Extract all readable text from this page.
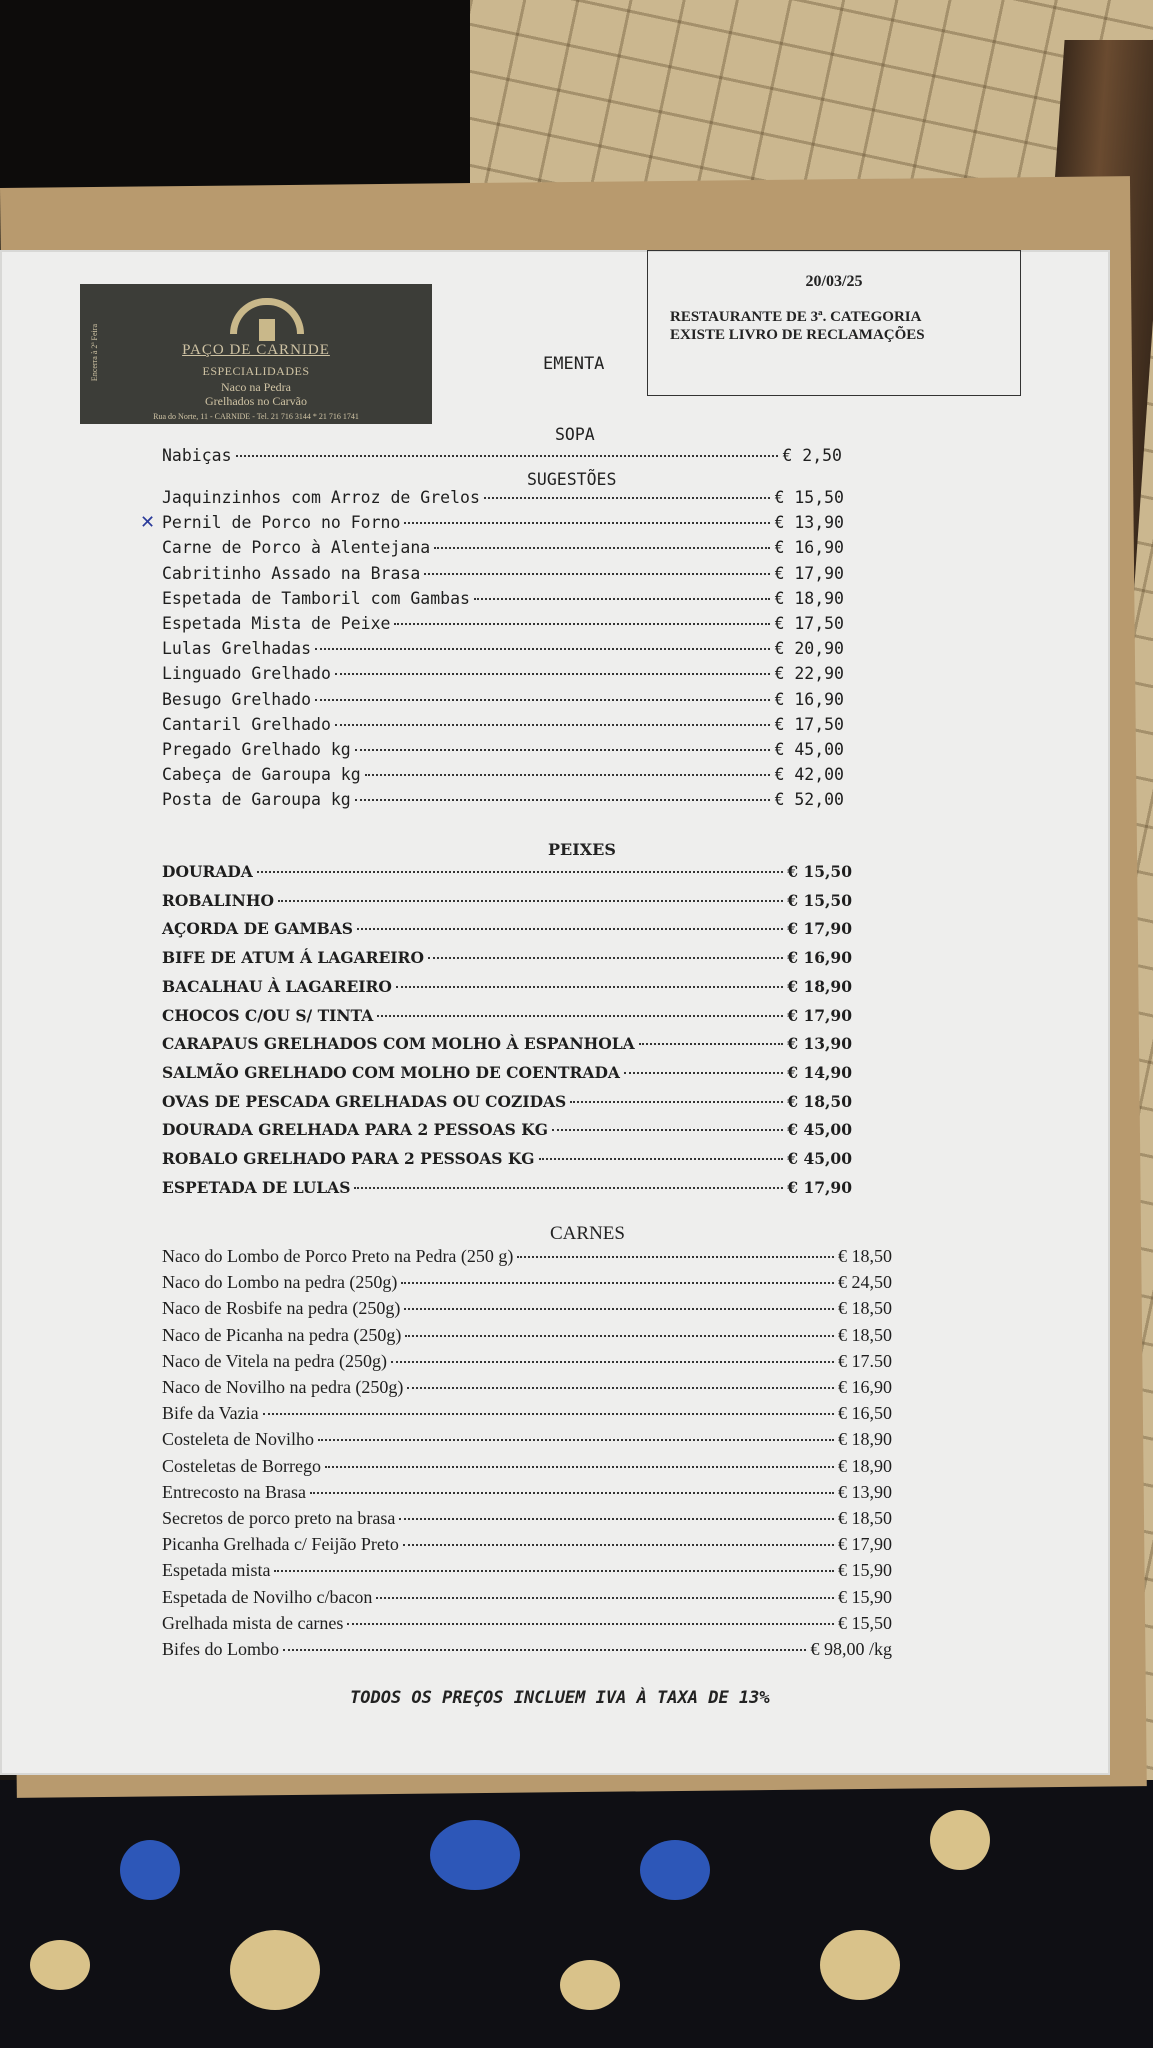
Encerra à 2ª Feira	PAÇO DE CARNIDE
ESPECIALIDADES
Naco na Pedra
Grelhados no Carvão
Rua do Norte, 11 - CARNIDE - Tel. 21 716 3144 * 21 716 1741
EMENTA
20/03/25
RESTAURANTE DE 3ª. CATEGORIA
EXISTE LIVRO DE RECLAMAÇÕES
SOPA
SUGESTÕES
PEIXES
CARNES
✕
Nabiças	€ 2,50
Jaquinzinhos com Arroz de Grelos	€ 15,50
Pernil de Porco no Forno	€ 13,90
Carne de Porco à Alentejana	€ 16,90
Cabritinho Assado na Brasa	€ 17,90
Espetada de Tamboril com Gambas	€ 18,90
Espetada Mista de Peixe	€ 17,50
Lulas Grelhadas	€ 20,90
Linguado Grelhado	€ 22,90
Besugo Grelhado	€ 16,90
Cantaril Grelhado	€ 17,50
Pregado Grelhado kg	€ 45,00
Cabeça de Garoupa kg	€ 42,00
Posta de Garoupa kg	€ 52,00
DOURADA	€ 15,50
ROBALINHO	€ 15,50
AÇORDA DE GAMBAS	€ 17,90
BIFE DE ATUM Á LAGAREIRO	€ 16,90
BACALHAU À LAGAREIRO	€ 18,90
CHOCOS C/OU S/ TINTA	€ 17,90
CARAPAUS GRELHADOS COM MOLHO À ESPANHOLA	€ 13,90
SALMÃO GRELHADO COM MOLHO DE COENTRADA	€ 14,90
OVAS DE PESCADA GRELHADAS OU COZIDAS	€ 18,50
DOURADA GRELHADA PARA 2 PESSOAS KG	€ 45,00
ROBALO GRELHADO PARA 2 PESSOAS KG	€ 45,00
ESPETADA DE LULAS	€ 17,90
Naco do Lombo de Porco Preto na Pedra (250 g)	€ 18,50
Naco do Lombo na pedra (250g)	€ 24,50
Naco de Rosbife na pedra (250g)	€ 18,50
Naco de Picanha na pedra (250g)	€ 18,50
Naco de Vitela na pedra (250g)	€ 17.50
Naco de Novilho na pedra (250g)	€ 16,90
Bife da Vazia	€ 16,50
Costeleta de Novilho	€ 18,90
Costeletas de Borrego	€ 18,90
Entrecosto na Brasa	€ 13,90
Secretos de porco preto na brasa	€ 18,50
Picanha Grelhada c/ Feijão Preto	€ 17,90
Espetada mista	€ 15,90
Espetada de Novilho c/bacon	€ 15,90
Grelhada mista de carnes	€ 15,50
Bifes do Lombo	€ 98,00 /kg
TODOS OS PREÇOS INCLUEM IVA À TAXA DE 13%
